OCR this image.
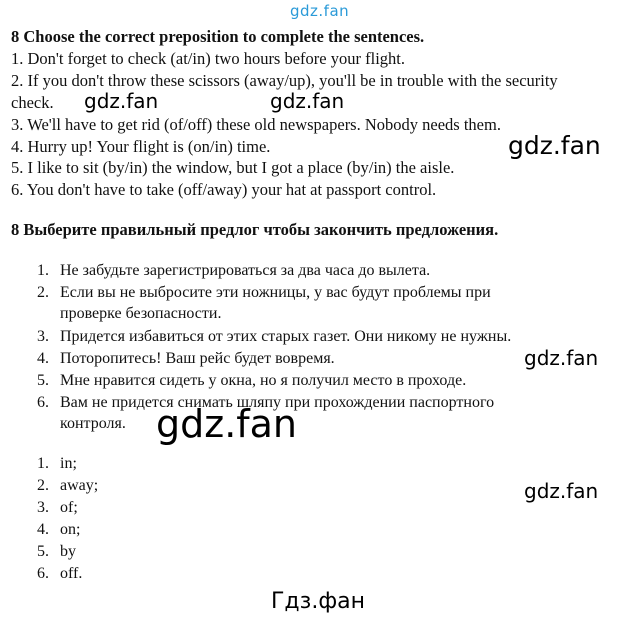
gdz.fan
8 Choose the correct preposition to complete the sentences.
1. Don't forget to check (at/in) two hours before your flight.
2. If you don't throw these scissors (away/up), you'll be in trouble with the security
check.
3. We'll have to get rid (of/off) these old newspapers. Nobody needs them.
4. Hurry up! Your flight is (on/in) time.
5. I like to sit (by/in) the window, but I got a place (by/in) the aisle.
6. You don't have to take (off/away) your hat at passport control.
8 Выберите правильный предлог чтобы закончить предложения.
1. Не забудьте зарегистрироваться за два часа до вылета.
2. Если вы не выбросите эти ножницы, у вас будут проблемы при
проверке безопасности.
3. Придется избавиться от этих старых газет. Они никому не нужны.
4. Поторопитесь! Ваш рейс будет вовремя.
5. Мне нравится сидеть у окна, но я получил место в проходе.
6. Вам не придется снимать шляпу при прохождении паспортного
контроля.
1. in;
2. away;
3. of;
4. on;
5. by
6. off.
gdz.fan	gdz.fan
gdz.fan
gdz.fan
gdz.fan
gdz.fan
Гдз.фан
